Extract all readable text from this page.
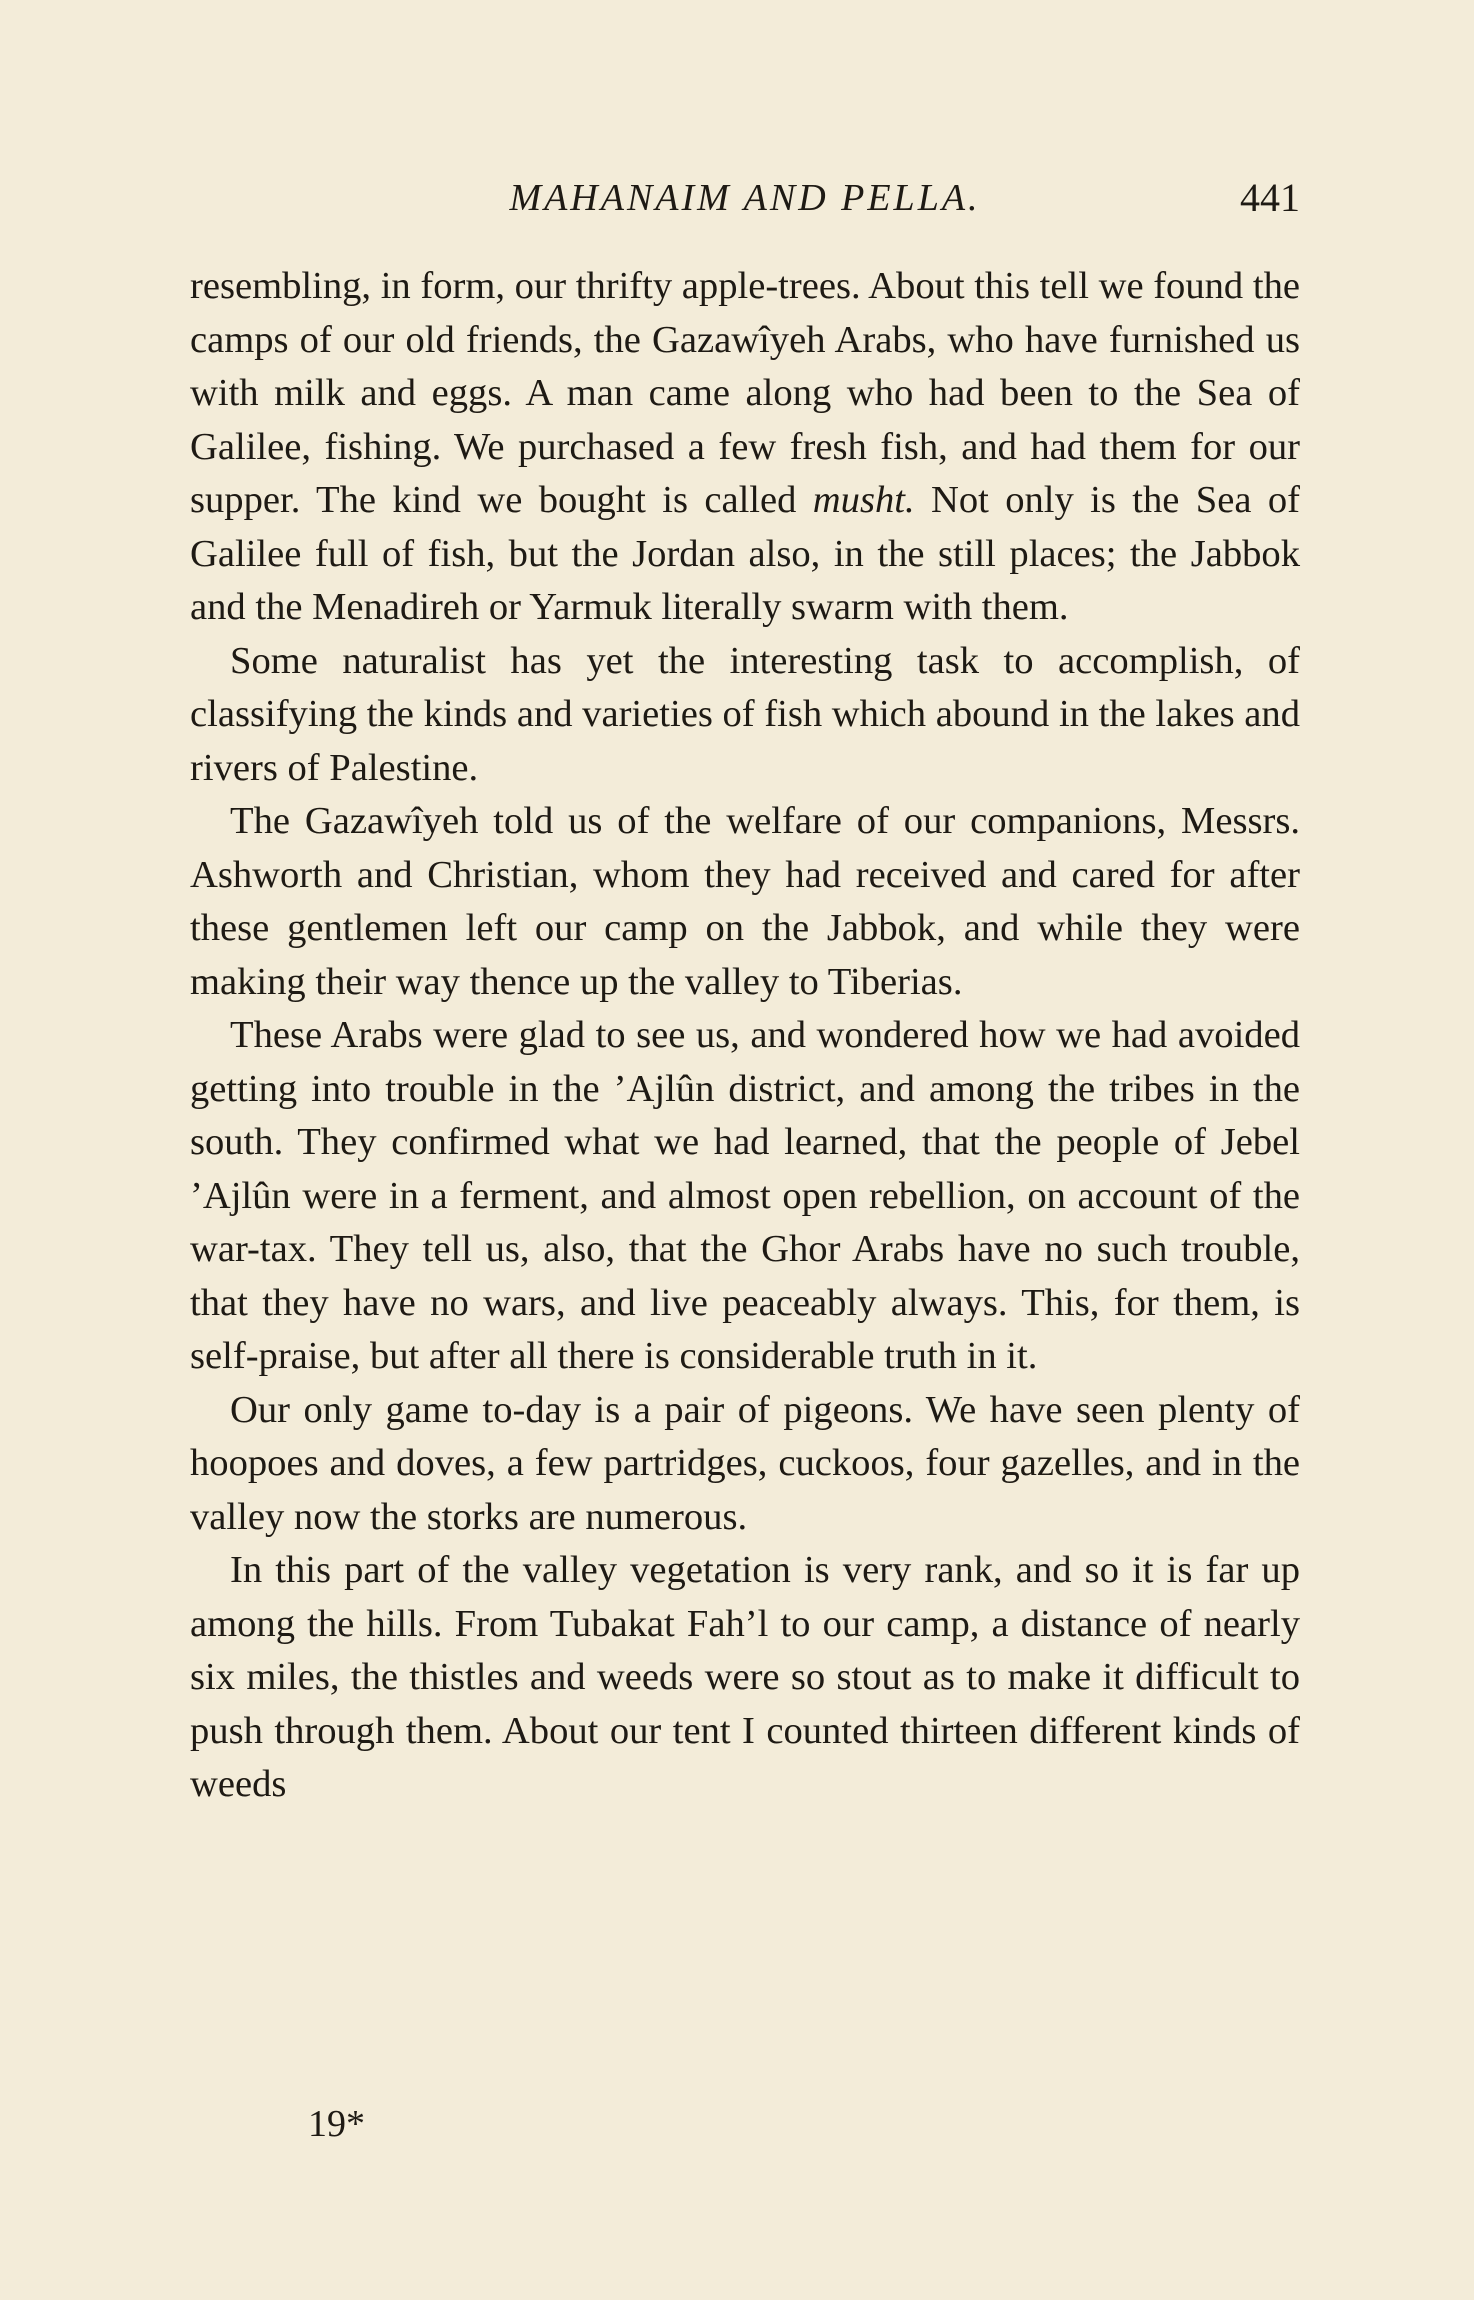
MAHANAIM AND PELLA.	441

resembling, in form, our thrifty apple-trees. About this tell we found the camps of our old friends, the Gazawîyeh Arabs, who have furnished us with milk and eggs. A man came along who had been to the Sea of Galilee, fishing. We purchased a few fresh fish, and had them for our supper. The kind we bought is called musht. Not only is the Sea of Galilee full of fish, but the Jordan also, in the still places; the Jabbok and the Menadireh or Yarmuk literally swarm with them.

Some naturalist has yet the interesting task to accomplish, of classifying the kinds and varieties of fish which abound in the lakes and rivers of Palestine.

The Gazawîyeh told us of the welfare of our companions, Messrs. Ashworth and Christian, whom they had received and cared for after these gentlemen left our camp on the Jabbok, and while they were making their way thence up the valley to Tiberias.

These Arabs were glad to see us, and wondered how we had avoided getting into trouble in the ’Ajlûn district, and among the tribes in the south. They confirmed what we had learned, that the people of Jebel ’Ajlûn were in a ferment, and almost open rebellion, on account of the war-tax. They tell us, also, that the Ghor Arabs have no such trouble, that they have no wars, and live peaceably always. This, for them, is self-praise, but after all there is considerable truth in it.

Our only game to-day is a pair of pigeons. We have seen plenty of hoopoes and doves, a few partridges, cuckoos, four gazelles, and in the valley now the storks are numerous.

In this part of the valley vegetation is very rank, and so it is far up among the hills. From Tubakat Fah’l to our camp, a distance of nearly six miles, the thistles and weeds were so stout as to make it difficult to push through them. About our tent I counted thirteen different kinds of weeds

19*
